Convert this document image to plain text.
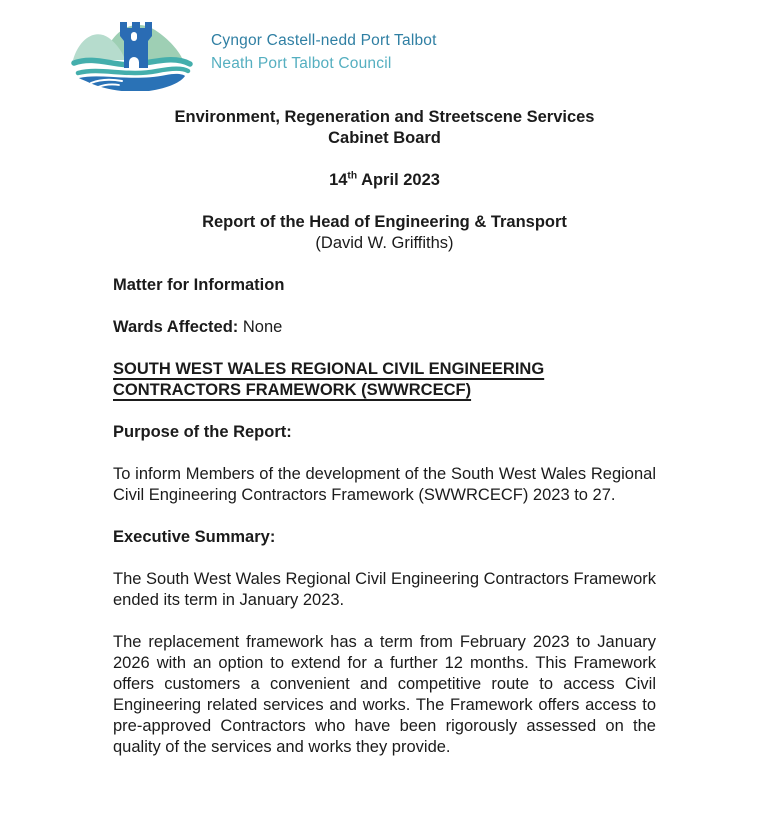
Cyngor Castell-nedd Port Talbot
Neath Port Talbot Council

Environment, Regeneration and Streetscene Services
Cabinet Board

14th April 2023

Report of the Head of Engineering & Transport
(David W. Griffiths)

Matter for Information

Wards Affected: None

SOUTH WEST WALES REGIONAL CIVIL ENGINEERING
CONTRACTORS FRAMEWORK (SWWRCECF)

Purpose of the Report:

To inform Members of the development of the South West Wales Regional Civil Engineering Contractors Framework (SWWRCECF) 2023 to 27.

Executive Summary:

The South West Wales Regional Civil Engineering Contractors Framework ended its term in January 2023.

The replacement framework has a term from February 2023 to January 2026 with an option to extend for a further 12 months. This Framework offers customers a convenient and competitive route to access Civil Engineering related services and works. The Framework offers access to pre-approved Contractors who have been rigorously assessed on the quality of the services and works they provide.
